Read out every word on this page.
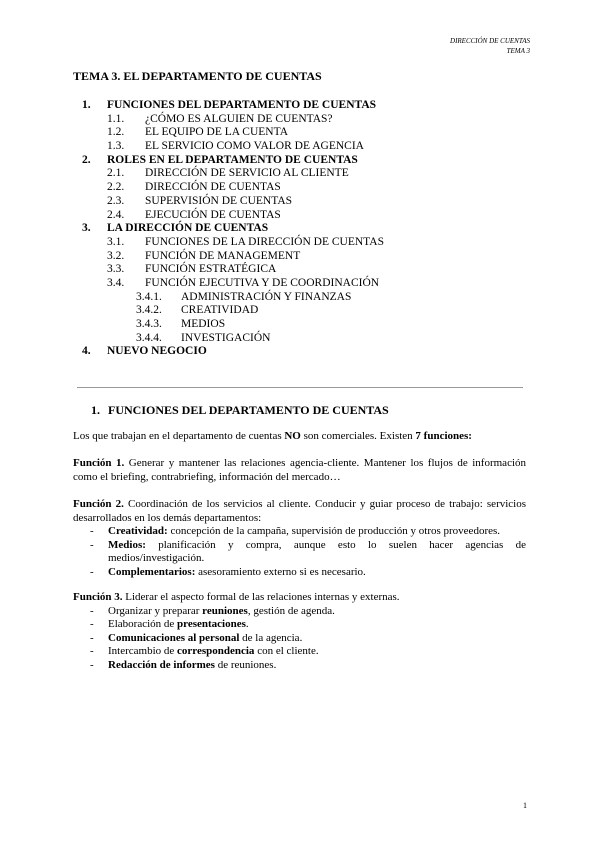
DIRECCIÓN DE CUENTAS
TEMA 3
TEMA 3. EL DEPARTAMENTO DE CUENTAS
1. FUNCIONES DEL DEPARTAMENTO DE CUENTAS
1.1. ¿CÓMO ES ALGUIEN DE CUENTAS?
1.2. EL EQUIPO DE LA CUENTA
1.3. EL SERVICIO COMO VALOR DE AGENCIA
2. ROLES EN EL DEPARTAMENTO DE CUENTAS
2.1. DIRECCIÓN DE SERVICIO AL CLIENTE
2.2. DIRECCIÓN DE CUENTAS
2.3. SUPERVISIÓN DE CUENTAS
2.4. EJECUCIÓN DE CUENTAS
3. LA DIRECCIÓN DE CUENTAS
3.1. FUNCIONES DE LA DIRECCIÓN DE CUENTAS
3.2. FUNCIÓN DE MANAGEMENT
3.3. FUNCIÓN ESTRATÉGICA
3.4. FUNCIÓN EJECUTIVA Y DE COORDINACIÓN
3.4.1. ADMINISTRACIÓN Y FINANZAS
3.4.2. CREATIVIDAD
3.4.3. MEDIOS
3.4.4. INVESTIGACIÓN
4. NUEVO NEGOCIO
1. FUNCIONES DEL DEPARTAMENTO DE CUENTAS

Los que trabajan en el departamento de cuentas NO son comerciales. Existen 7 funciones:

Función 1. Generar y mantener las relaciones agencia-cliente. Mantener los flujos de información como el briefing, contrabriefing, información del mercado…

Función 2. Coordinación de los servicios al cliente. Conducir y guiar proceso de trabajo: servicios desarrollados en los demás departamentos:

- Creatividad: concepción de la campaña, supervisión de producción y otros proveedores.
- Medios: planificación y compra, aunque esto lo suelen hacer agencias de medios/investigación.
- Complementarios: asesoramiento externo si es necesario.

Función 3. Liderar el aspecto formal de las relaciones internas y externas.

- Organizar y preparar reuniones, gestión de agenda.
- Elaboración de presentaciones.
- Comunicaciones al personal de la agencia.
- Intercambio de correspondencia con el cliente.
- Redacción de informes de reuniones.
1
